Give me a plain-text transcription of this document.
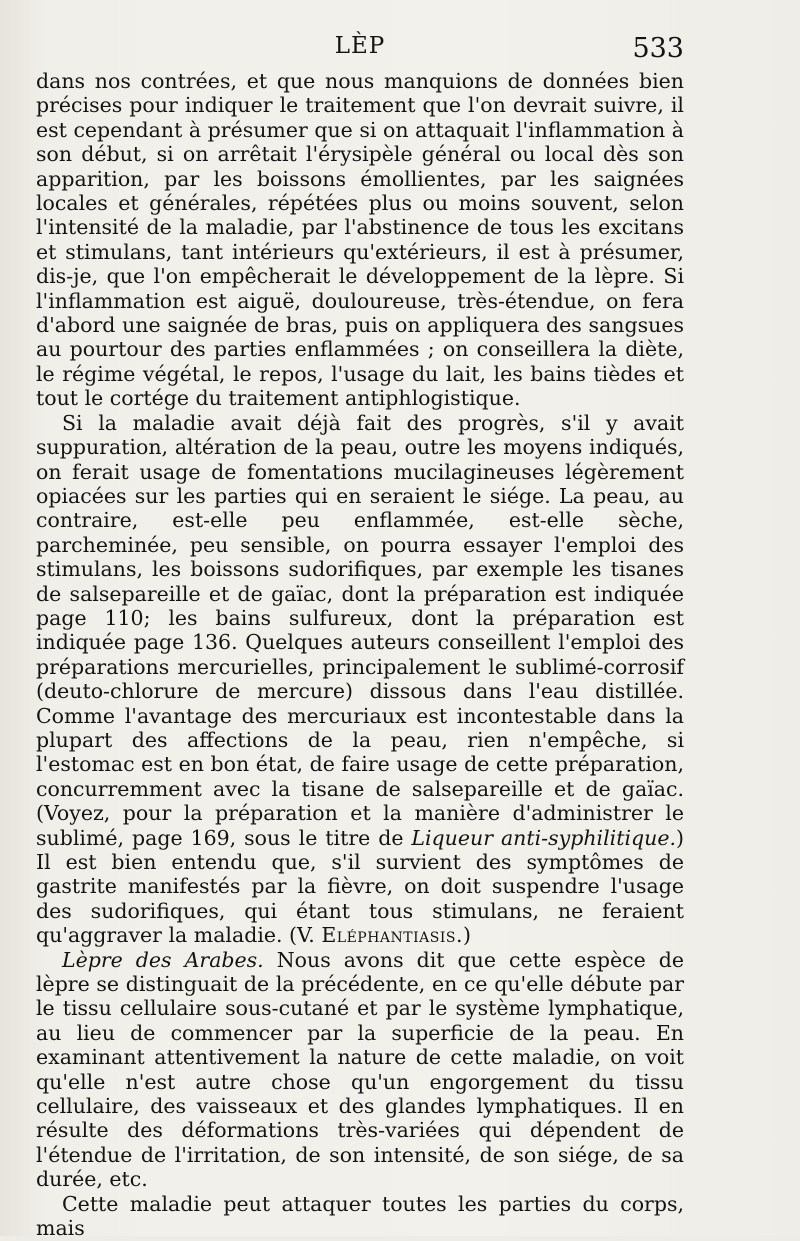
LÈP	533

dans nos contrées, et que nous manquions de données bien précises pour indiquer le traitement que l'on devrait suivre, il est cependant à présumer que si on attaquait l'inflammation à son début, si on arrêtait l'érysipèle général ou local dès son apparition, par les boissons émollientes, par les saignées locales et générales, répétées plus ou moins souvent, selon l'intensité de la maladie, par l'abstinence de tous les excitans et stimulans, tant intérieurs qu'extérieurs, il est à présumer, dis-je, que l'on empêcherait le développement de la lèpre. Si l'inflammation est aiguë, douloureuse, très-étendue, on fera d'abord une saignée de bras, puis on appliquera des sangsues au pourtour des parties enflammées ; on conseillera la diète, le régime végétal, le repos, l'usage du lait, les bains tièdes et tout le cortége du traitement antiphlogistique.

Si la maladie avait déjà fait des progrès, s'il y avait suppuration, altération de la peau, outre les moyens indiqués, on ferait usage de fomentations mucilagineuses légèrement opiacées sur les parties qui en seraient le siége. La peau, au contraire, est-elle peu enflammée, est-elle sèche, parcheminée, peu sensible, on pourra essayer l'emploi des stimulans, les boissons sudorifiques, par exemple les tisanes de salsepareille et de gaïac, dont la préparation est indiquée page 110; les bains sulfureux, dont la préparation est indiquée page 136. Quelques auteurs conseillent l'emploi des préparations mercurielles, principalement le sublimé-corrosif (deuto-chlorure de mercure) dissous dans l'eau distillée. Comme l'avantage des mercuriaux est incontestable dans la plupart des affections de la peau, rien n'empêche, si l'estomac est en bon état, de faire usage de cette préparation, concurremment avec la tisane de salsepareille et de gaïac. (Voyez, pour la préparation et la manière d'administrer le sublimé, page 169, sous le titre de Liqueur anti-syphilitique.) Il est bien entendu que, s'il survient des symptômes de gastrite manifestés par la fièvre, on doit suspendre l'usage des sudorifiques, qui étant tous stimulans, ne feraient qu'aggraver la maladie. (V. Eléphantiasis.)

Lèpre des Arabes. Nous avons dit que cette espèce de lèpre se distinguait de la précédente, en ce qu'elle débute par le tissu cellulaire sous-cutané et par le système lymphatique, au lieu de commencer par la superficie de la peau. En examinant attentivement la nature de cette maladie, on voit qu'elle n'est autre chose qu'un engorgement du tissu cellulaire, des vaisseaux et des glandes lymphatiques. Il en résulte des déformations très-variées qui dépendent de l'étendue de l'irritation, de son intensité, de son siége, de sa durée, etc.

Cette maladie peut attaquer toutes les parties du corps, mais
